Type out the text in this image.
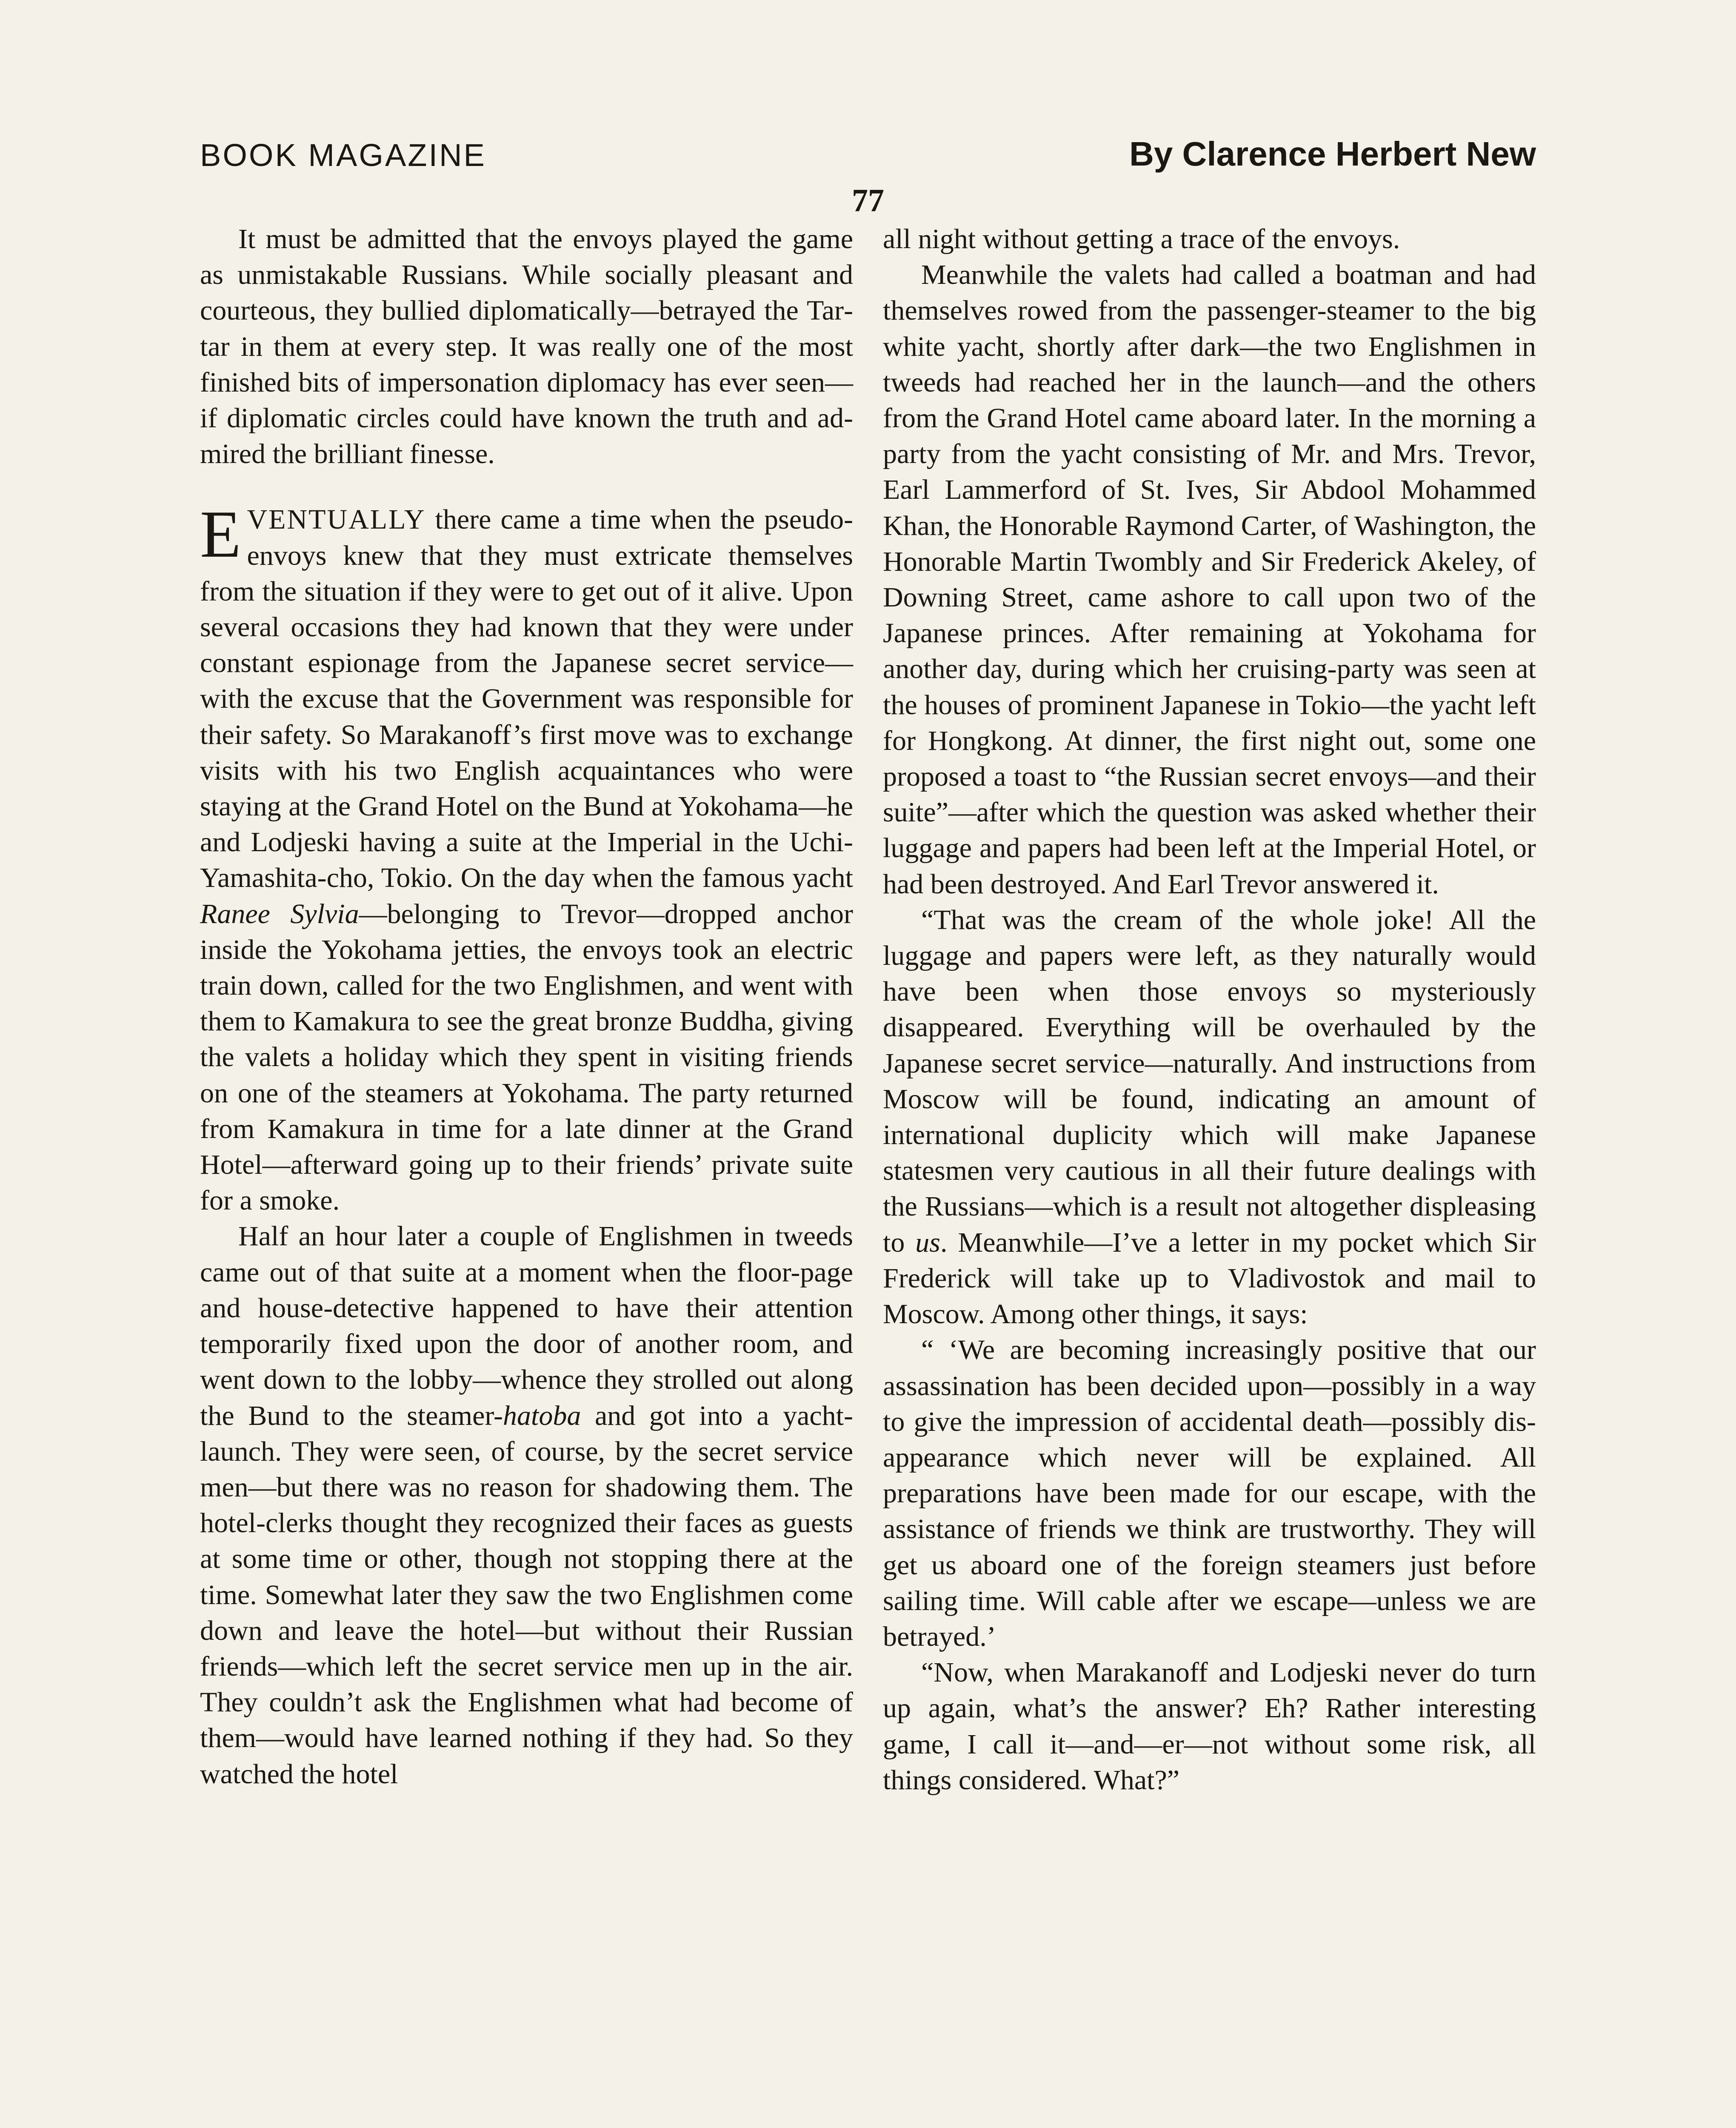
BOOK MAGAZINE	By Clarence Herbert New
77

It must be admitted that the envoys played the game as unmistakable Russians. While socially pleasant and courteous, they bullied diplomatically—betrayed the Tartar in them at every step. It was really one of the most finished bits of impersonation diplomacy has ever seen—if diplomatic circles could have known the truth and admired the brilliant finesse.

EVENTUALLY there came a time when the pseudo-envoys knew that they must extricate themselves from the situation if they were to get out of it alive. Upon several occasions they had known that they were under constant espionage from the Japanese secret service—with the excuse that the Government was responsible for their safety. So Marakanoff’s first move was to exchange visits with his two English acquaintances who were staying at the Grand Hotel on the Bund at Yokohama—he and Lodjeski having a suite at the Imperial in the Uchi-Yamashita-cho, Tokio. On the day when the famous yacht Ranee Sylvia—belonging to Trevor—dropped anchor inside the Yokohama jetties, the envoys took an electric train down, called for the two Englishmen, and went with them to Kamakura to see the great bronze Buddha, giving the valets a holiday which they spent in visiting friends on one of the steamers at Yokohama. The party returned from Kamakura in time for a late dinner at the Grand Hotel—afterward going up to their friends’ private suite for a smoke.

Half an hour later a couple of Englishmen in tweeds came out of that suite at a moment when the floor-page and house-detective happened to have their attention temporarily fixed upon the door of another room, and went down to the lobby—whence they strolled out along the Bund to the steamer-hatoba and got into a yacht-launch. They were seen, of course, by the secret service men—but there was no reason for shadowing them. The hotel-clerks thought they recognized their faces as guests at some time or other, though not stopping there at the time. Somewhat later they saw the two Englishmen come down and leave the hotel—but without their Russian friends—which left the secret service men up in the air. They couldn’t ask the Englishmen what had become of them—would have learned nothing if they had. So they watched the hotel

all night without getting a trace of the envoys.

Meanwhile the valets had called a boatman and had themselves rowed from the passenger-steamer to the big white yacht, shortly after dark—the two Englishmen in tweeds had reached her in the launch—and the others from the Grand Hotel came aboard later. In the morning a party from the yacht consisting of Mr. and Mrs. Trevor, Earl Lammerford of St. Ives, Sir Abdool Mohammed Khan, the Honorable Raymond Carter, of Washington, the Honorable Martin Twombly and Sir Frederick Akeley, of Downing Street, came ashore to call upon two of the Japanese princes. After remaining at Yokohama for another day, during which her cruising-party was seen at the houses of prominent Japanese in Tokio—the yacht left for Hongkong. At dinner, the first night out, some one proposed a toast to “the Russian secret envoys—and their suite”—after which the question was asked whether their luggage and papers had been left at the Imperial Hotel, or had been destroyed. And Earl Trevor answered it.

“That was the cream of the whole joke! All the luggage and papers were left, as they naturally would have been when those envoys so mysteriously disappeared. Everything will be overhauled by the Japanese secret service—naturally. And instructions from Moscow will be found, indicating an amount of international duplicity which will make Japanese statesmen very cautious in all their future dealings with the Russians—which is a result not altogether displeasing to us. Meanwhile—I’ve a letter in my pocket which Sir Frederick will take up to Vladivostok and mail to Moscow. Among other things, it says:

“ ‘We are becoming increasingly positive that our assassination has been decided upon—possibly in a way to give the impression of accidental death—possibly disappearance which never will be explained. All preparations have been made for our escape, with the assistance of friends we think are trustworthy. They will get us aboard one of the foreign steamers just before sailing time. Will cable after we escape—unless we are betrayed.’

“Now, when Marakanoff and Lodjeski never do turn up again, what’s the answer? Eh? Rather interesting game, I call it—and—er—not without some risk, all things considered. What?”
